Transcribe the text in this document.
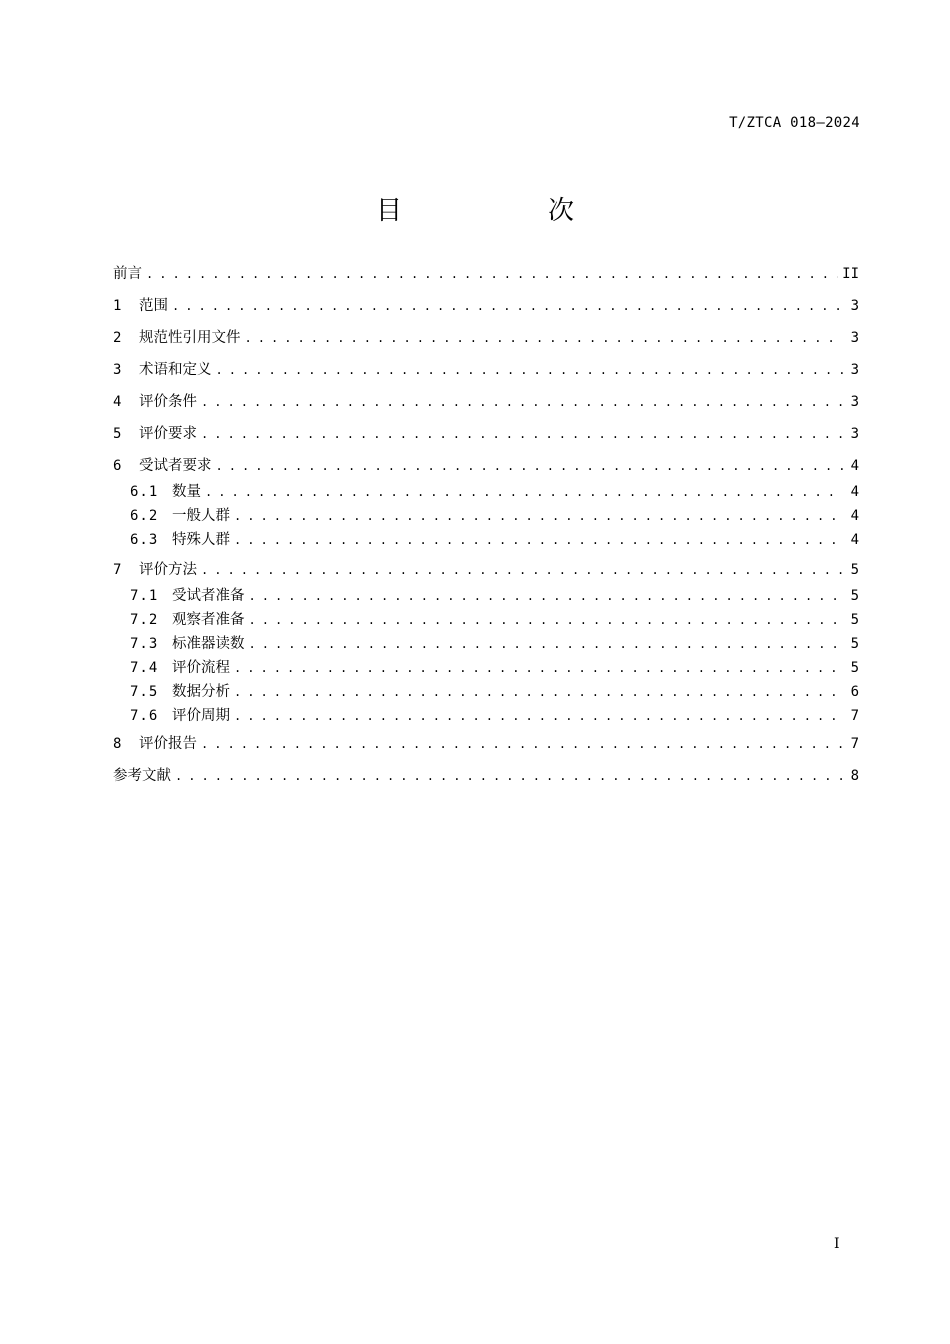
T/ZTCA 018—2024
目　次
前言 . . .	II
1	范围 . . .	3
2	规范性引用文件 . . .	3
3	术语和定义 . . .	3
4	评价条件 . . .	3
5	评价要求 . . .	3
6	受试者要求 . . .	4
6.1 数量 . . .	4
6.2 一般人群 . . .	4
6.3 特殊人群 . . .	4
7	评价方法 . . .	5
7.1 受试者准备 . . .	5
7.2 观察者准备 . . .	5
7.3 标准器读数 . . .	5
7.4 评价流程 . . .	5
7.5 数据分析 . . .	6
7.6 评价周期 . . .	7
8	评价报告 . . .	7
参考文献 . . .	8
I
